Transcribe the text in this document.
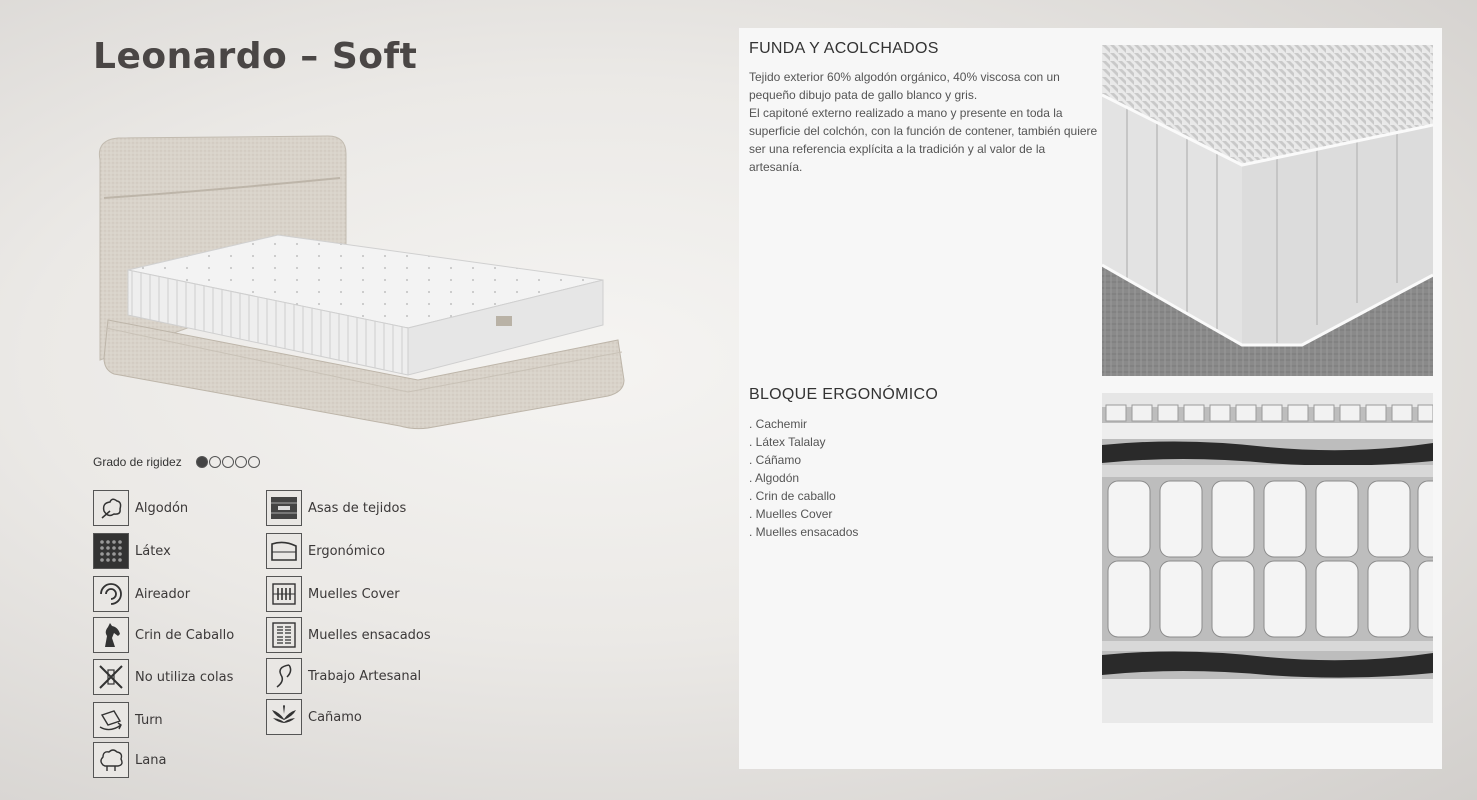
Leonardo – Soft
Grado de rigidez
Algodón
Látex
Aireador
Crin de Caballo
No utiliza colas
Turn
Lana
Asas de tejidos
Ergonómico
Muelles Cover
Muelles ensacados
Trabajo Artesanal
Cañamo
FUNDA Y ACOLCHADOS
Tejido exterior 60% algodón orgánico, 40% viscosa con un
pequeño dibujo pata de gallo blanco y gris.
El capitoné externo realizado a mano y presente en toda la
superficie del colchón, con la función de contener, también quiere
ser una referencia explícita a la tradición y al valor de la artesanía.
BLOQUE ERGONÓMICO
. Cachemir
. Látex Talalay
. Cáñamo
. Algodón
. Crin de caballo
. Muelles Cover
. Muelles ensacados
